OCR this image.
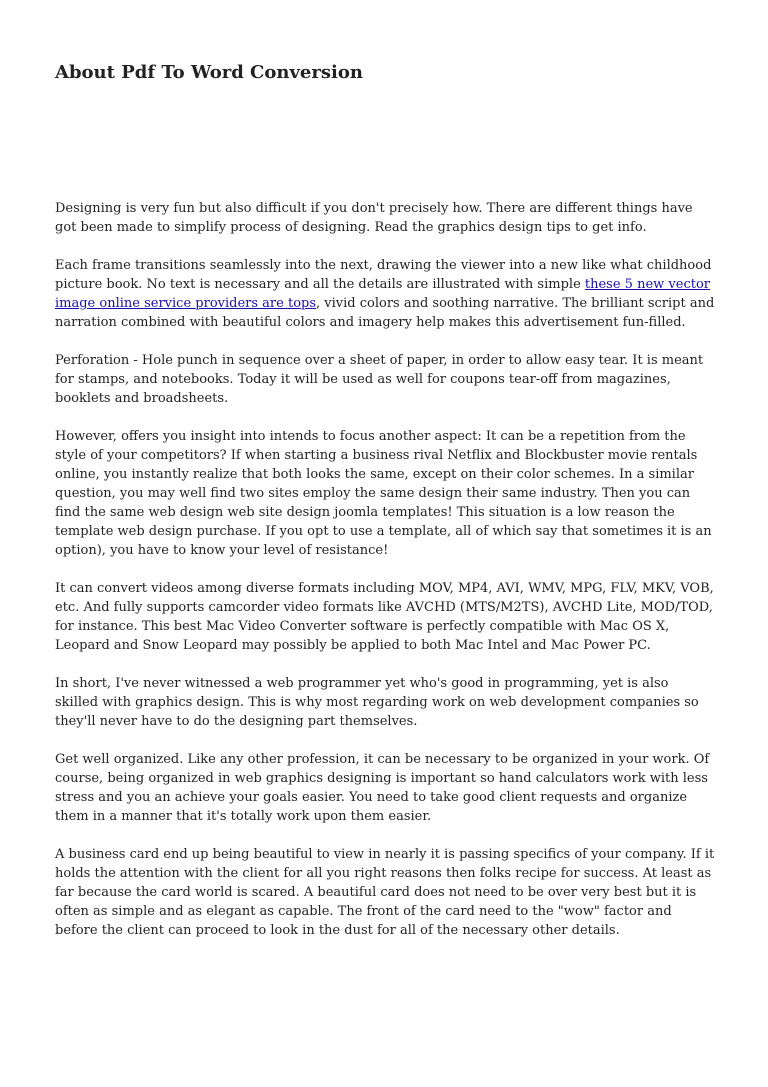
About Pdf To Word Conversion

Designing is very fun but also difficult if you don't precisely how. There are different things have got been made to simplify process of designing. Read the graphics design tips to get info.

Each frame transitions seamlessly into the next, drawing the viewer into a new like what childhood picture book. No text is necessary and all the details are illustrated with simple these 5 new vector image online service providers are tops, vivid colors and soothing narrative. The brilliant script and narration combined with beautiful colors and imagery help makes this advertisement fun-filled.

Perforation - Hole punch in sequence over a sheet of paper, in order to allow easy tear. It is meant for stamps, and notebooks. Today it will be used as well for coupons tear-off from magazines, booklets and broadsheets.

However, offers you insight into intends to focus another aspect: It can be a repetition from the style of your competitors? If when starting a business rival Netflix and Blockbuster movie rentals online, you instantly realize that both looks the same, except on their color schemes. In a similar question, you may well find two sites employ the same design their same industry. Then you can find the same web design web site design joomla templates! This situation is a low reason the template web design purchase. If you opt to use a template, all of which say that sometimes it is an option), you have to know your level of resistance!

It can convert videos among diverse formats including MOV, MP4, AVI, WMV, MPG, FLV, MKV, VOB, etc. And fully supports camcorder video formats like AVCHD (MTS/M2TS), AVCHD Lite, MOD/TOD, for instance. This best Mac Video Converter software is perfectly compatible with Mac OS X, Leopard and Snow Leopard may possibly be applied to both Mac Intel and Mac Power PC.

In short, I've never witnessed a web programmer yet who's good in programming, yet is also skilled with graphics design. This is why most regarding work on web development companies so they'll never have to do the designing part themselves.

Get well organized. Like any other profession, it can be necessary to be organized in your work. Of course, being organized in web graphics designing is important so hand calculators work with less stress and you an achieve your goals easier. You need to take good client requests and organize them in a manner that it's totally work upon them easier.

A business card end up being beautiful to view in nearly it is passing specifics of your company. If it holds the attention with the client for all you right reasons then folks recipe for success. At least as far because the card world is scared. A beautiful card does not need to be over very best but it is often as simple and as elegant as capable. The front of the card need to the "wow" factor and before the client can proceed to look in the dust for all of the necessary other details.
